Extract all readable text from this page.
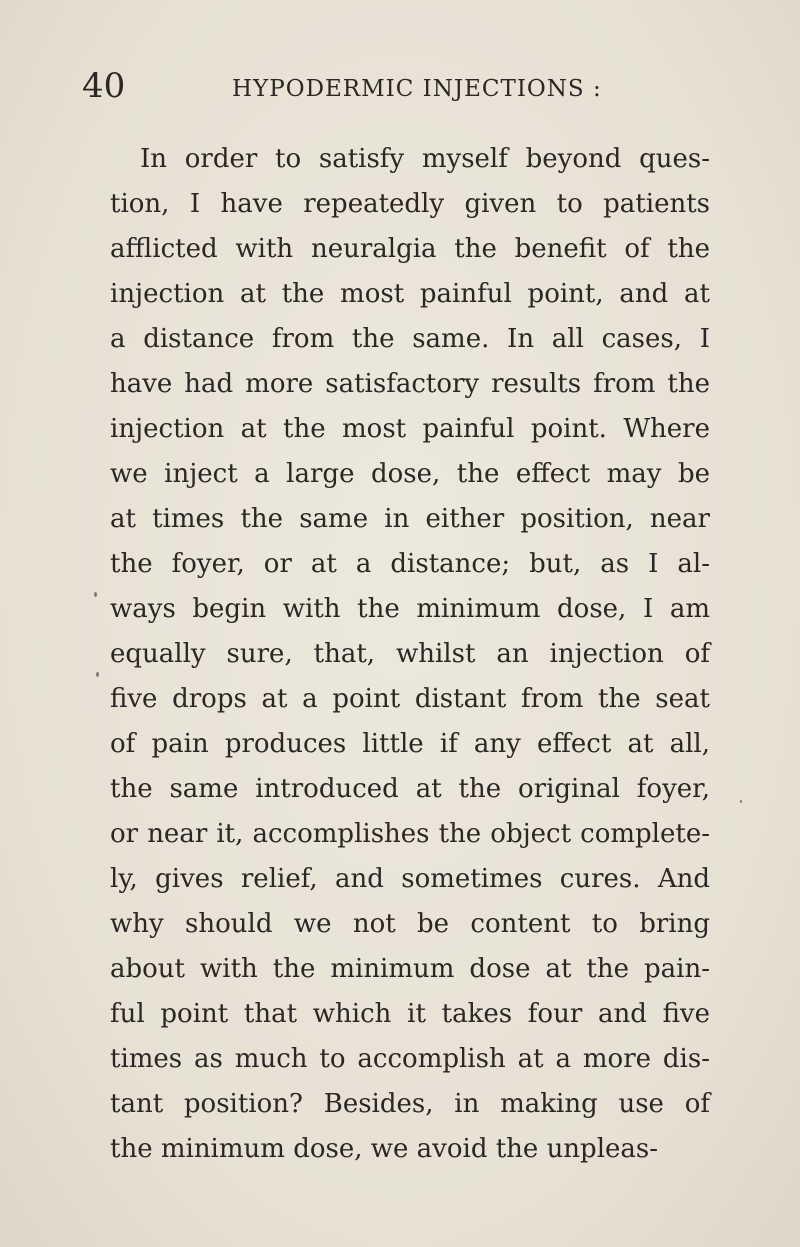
40	HYPODERMIC INJECTIONS :
In order to satisfy myself beyond ques-
tion, I have repeatedly given to patients
afflicted with neuralgia the benefit of the
injection at the most painful point, and at
a distance from the same. In all cases, I
have had more satisfactory results from the
injection at the most painful point. Where
we inject a large dose, the effect may be
at times the same in either position, near
the foyer, or at a distance; but, as I al-
ways begin with the minimum dose, I am
equally sure, that, whilst an injection of
five drops at a point distant from the seat
of pain produces little if any effect at all,
the same introduced at the original foyer,
or near it, accomplishes the object complete-
ly, gives relief, and sometimes cures. And
why should we not be content to bring
about with the minimum dose at the pain-
ful point that which it takes four and five
times as much to accomplish at a more dis-
tant position? Besides, in making use of
the minimum dose, we avoid the unpleas-
